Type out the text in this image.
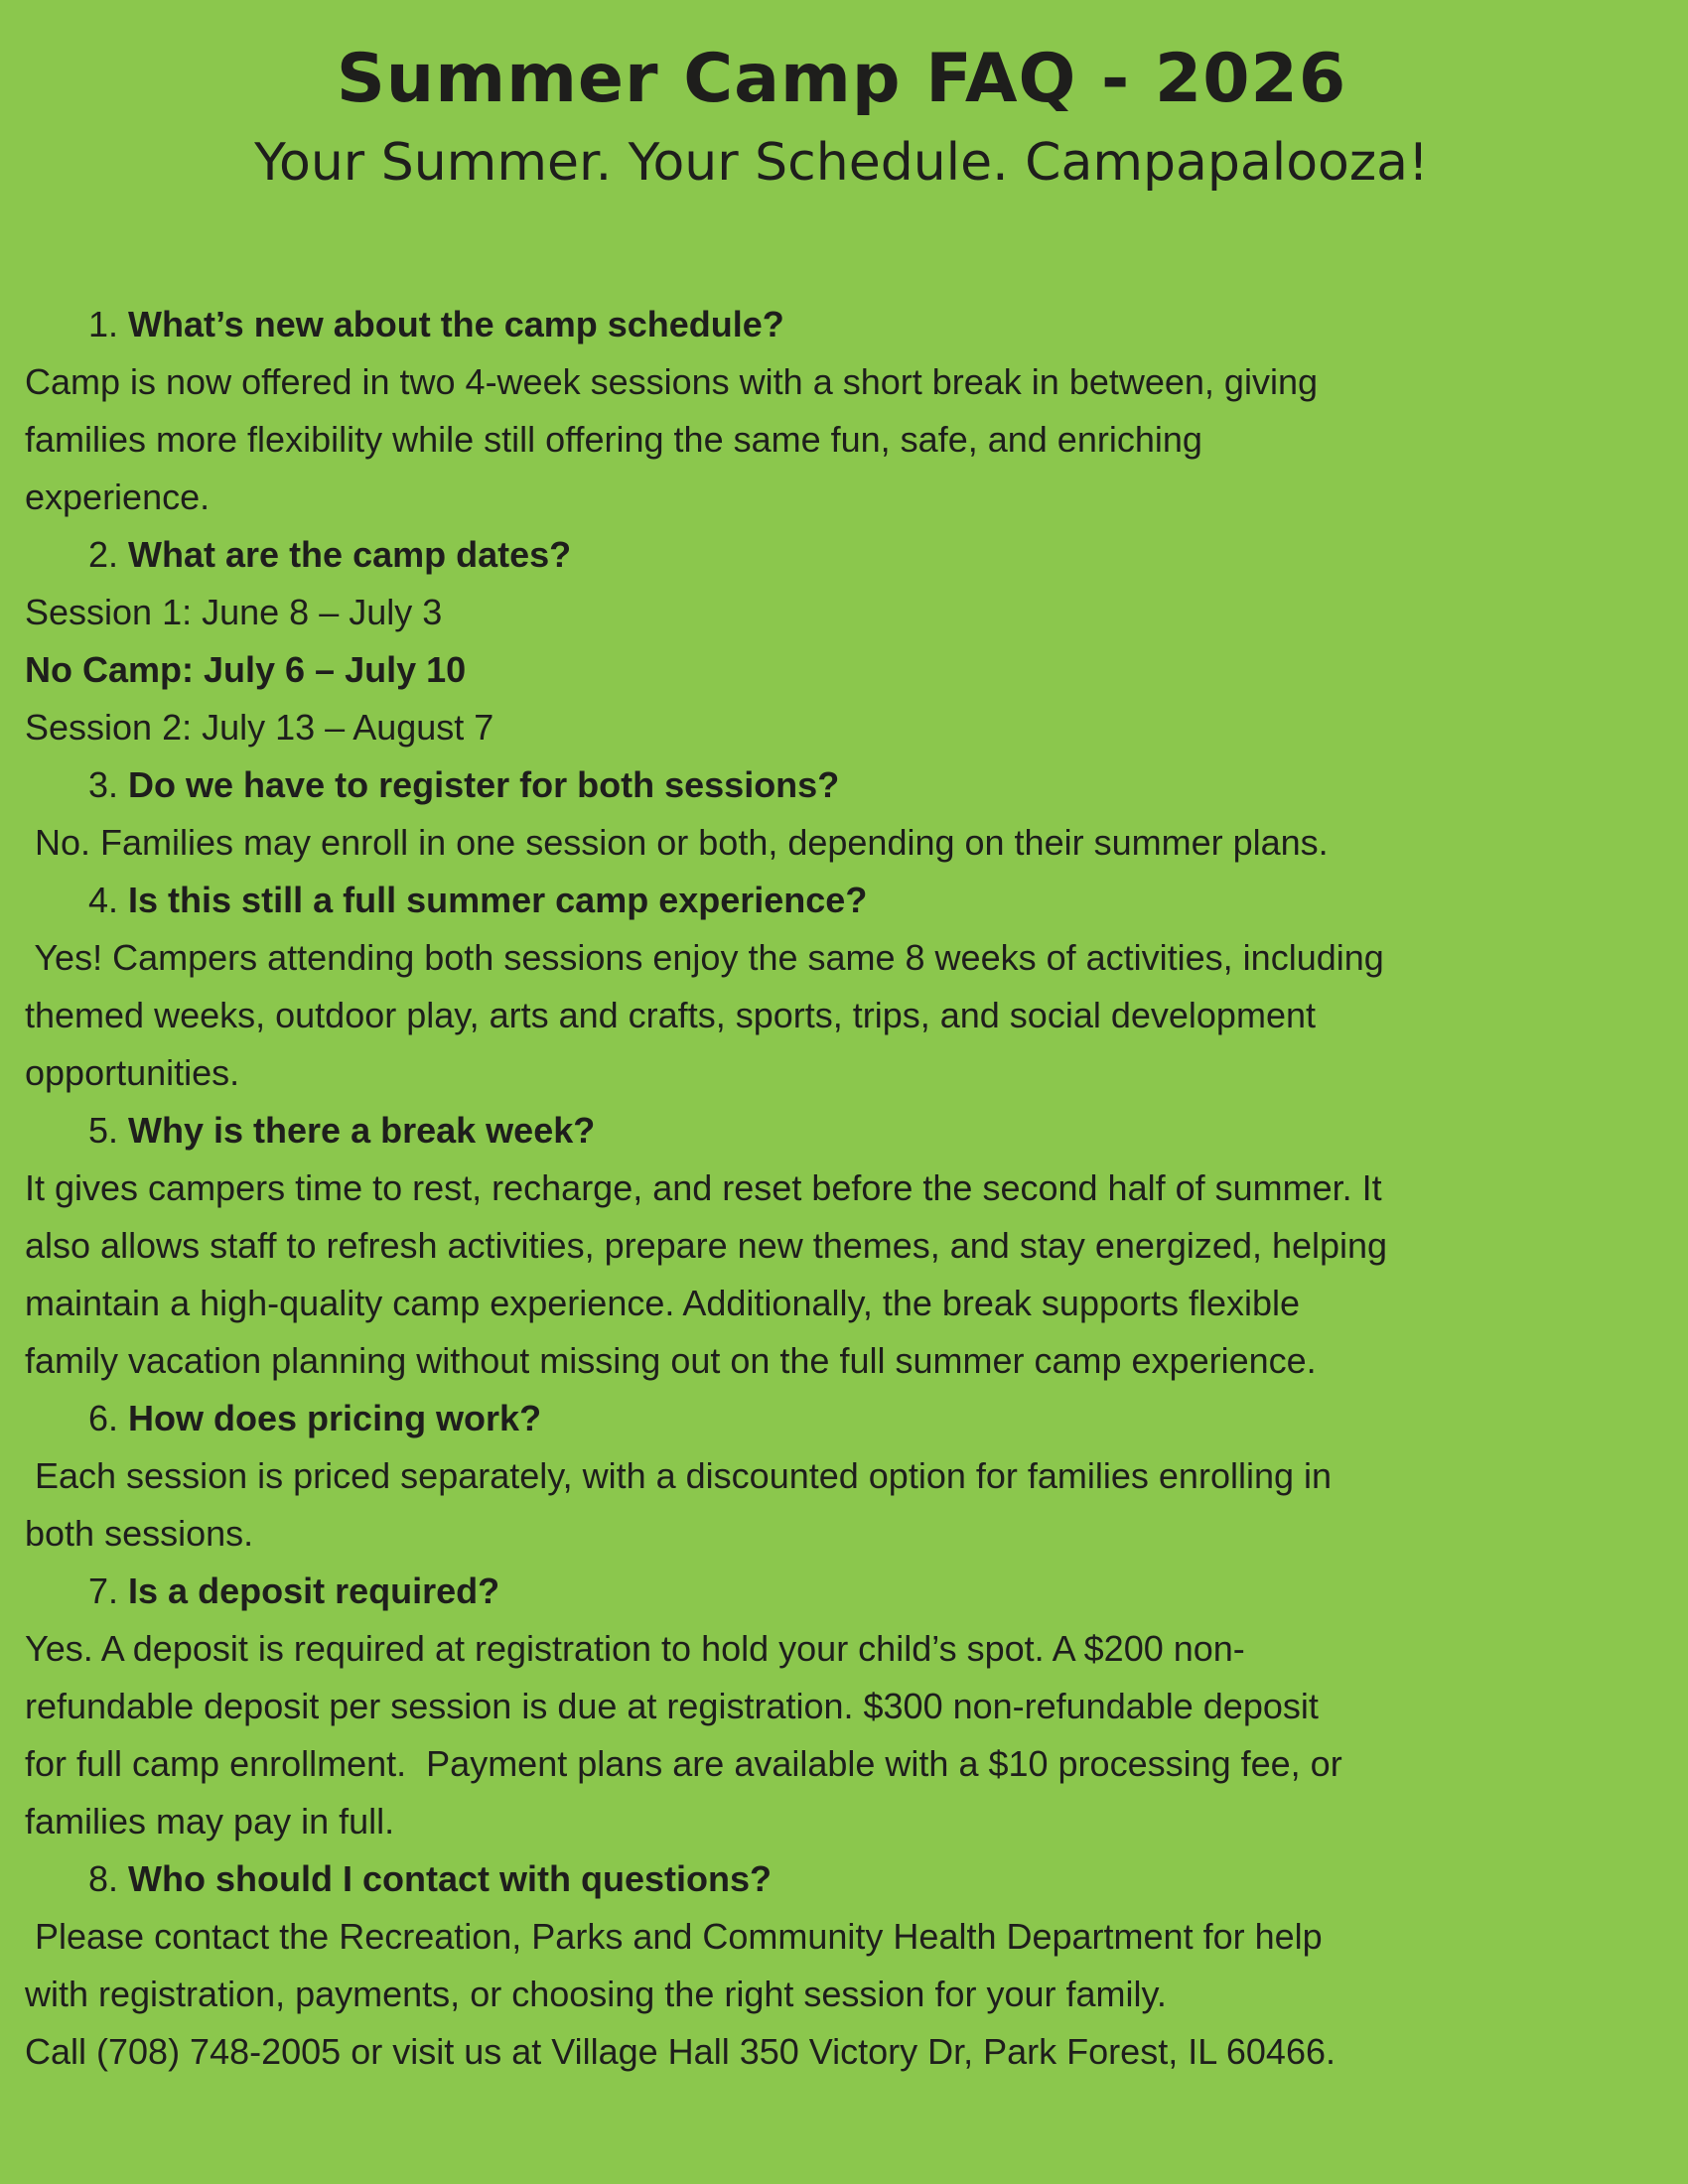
Summer Camp FAQ - 2026
Your Summer. Your Schedule. Campapalooza!
1. What’s new about the camp schedule?
Camp is now offered in two 4-week sessions with a short break in between, giving
families more flexibility while still offering the same fun, safe, and enriching
experience.
2. What are the camp dates?
Session 1: June 8 – July 3
No Camp: July 6 – July 10
Session 2: July 13 – August 7
3. Do we have to register for both sessions?
No. Families may enroll in one session or both, depending on their summer plans.
4. Is this still a full summer camp experience?
Yes! Campers attending both sessions enjoy the same 8 weeks of activities, including
themed weeks, outdoor play, arts and crafts, sports, trips, and social development
opportunities.
5. Why is there a break week?
It gives campers time to rest, recharge, and reset before the second half of summer. It
also allows staff to refresh activities, prepare new themes, and stay energized, helping
maintain a high-quality camp experience. Additionally, the break supports flexible
family vacation planning without missing out on the full summer camp experience.
6. How does pricing work?
Each session is priced separately, with a discounted option for families enrolling in
both sessions.
7. Is a deposit required?
Yes. A deposit is required at registration to hold your child’s spot. A $200 non-
refundable deposit per session is due at registration. $300 non-refundable deposit
for full camp enrollment.  Payment plans are available with a $10 processing fee, or
families may pay in full.
8. Who should I contact with questions?
Please contact the Recreation, Parks and Community Health Department for help
with registration, payments, or choosing the right session for your family.
Call (708) 748-2005 or visit us at Village Hall 350 Victory Dr, Park Forest, IL 60466.
